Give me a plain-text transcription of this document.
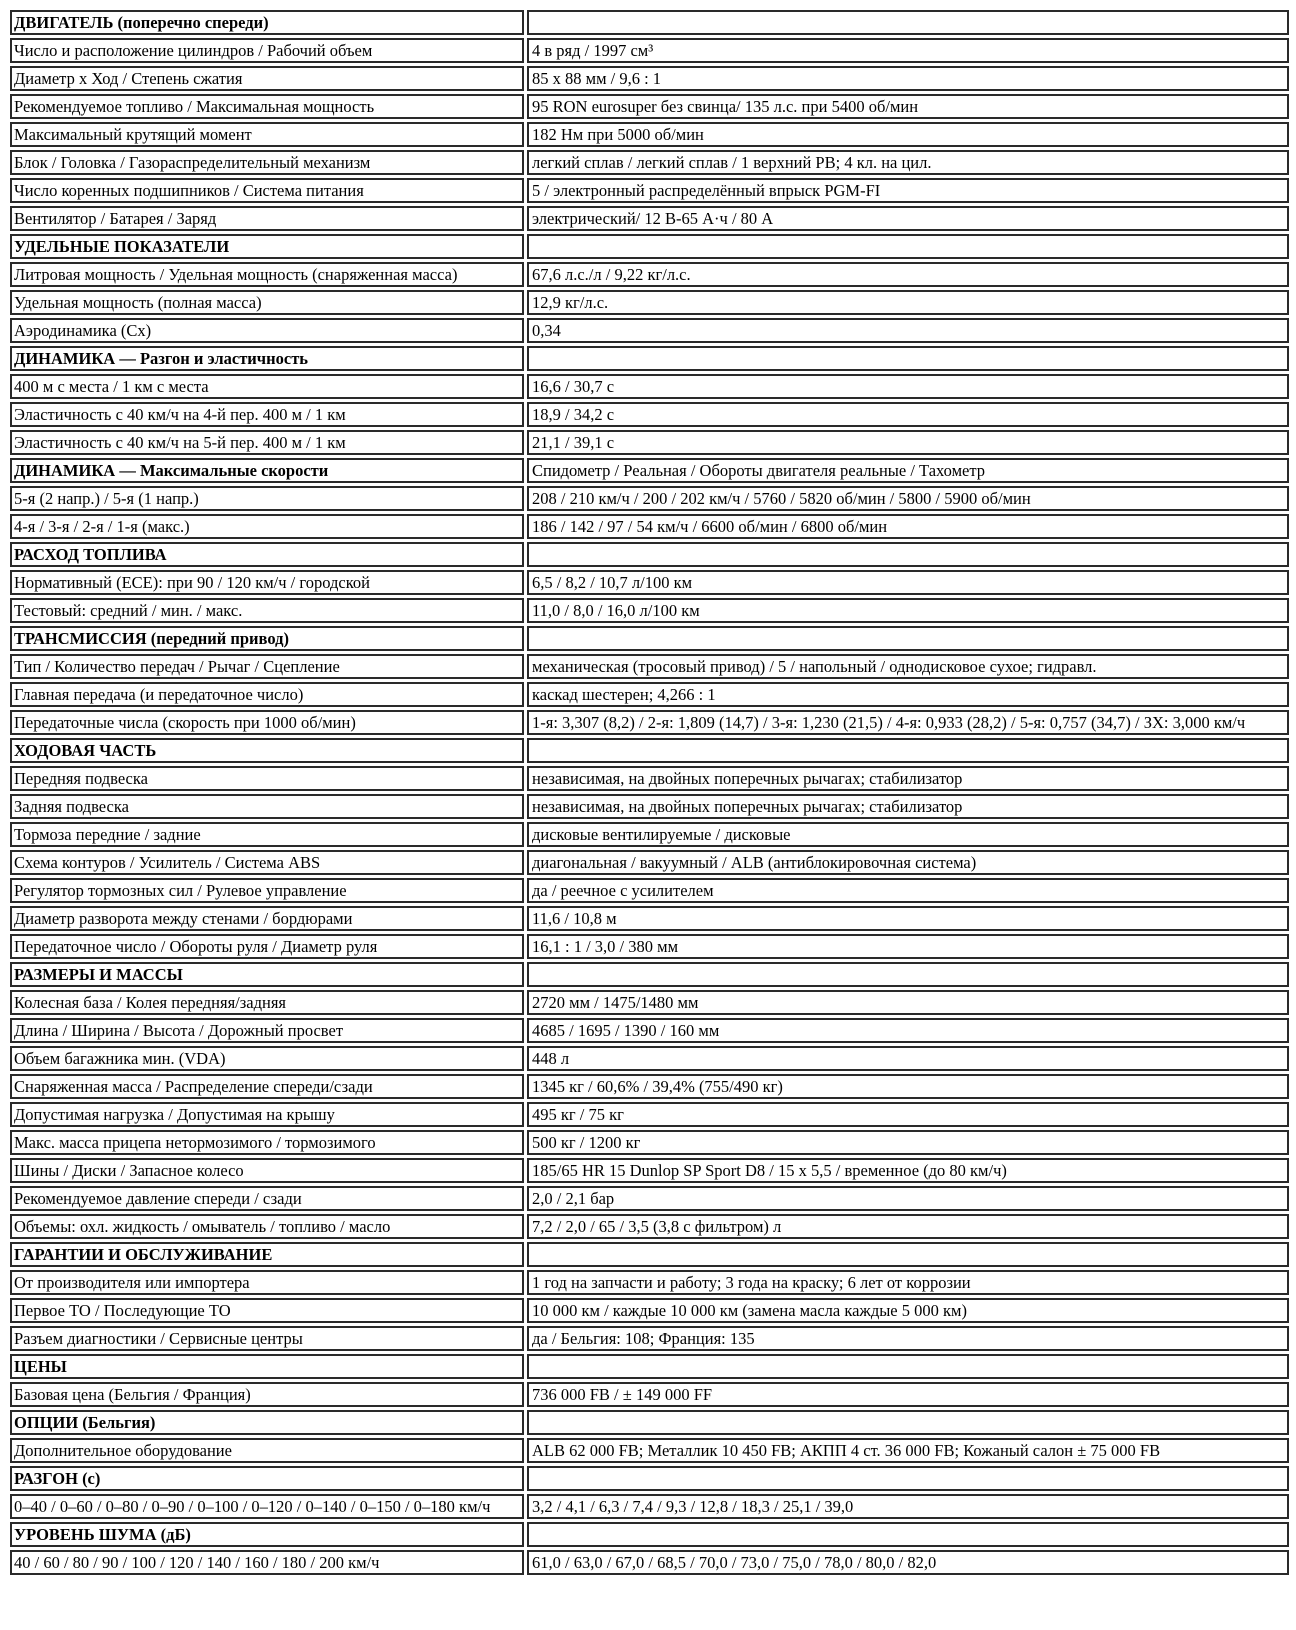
ДВИГАТЕЛЬ (поперечно спереди)	
Число и расположение цилиндров / Рабочий объем	4 в ряд / 1997 см³
Диаметр х Ход / Степень сжатия	85 х 88 мм / 9,6 : 1
Рекомендуемое топливо / Максимальная мощность	95 RON eurosuper без свинца/ 135 л.с. при 5400 об/мин
Максимальный крутящий момент	182 Нм при 5000 об/мин
Блок / Головка / Газораспределительный механизм	легкий сплав / легкий сплав / 1 верхний РВ; 4 кл. на цил.
Число коренных подшипников / Система питания	5 / электронный распределённый впрыск PGM-FI
Вентилятор / Батарея / Заряд	электрический/ 12 В-65 А·ч / 80 А
УДЕЛЬНЫЕ ПОКАЗАТЕЛИ	
Литровая мощность / Удельная мощность (снаряженная масса)	67,6 л.с./л / 9,22 кг/л.с.
Удельная мощность (полная масса)	12,9 кг/л.с.
Аэродинамика (Сх)	0,34
ДИНАМИКА — Разгон и эластичность	
400 м с места / 1 км с места	16,6 / 30,7 с
Эластичность с 40 км/ч на 4-й пер. 400 м / 1 км	18,9 / 34,2 с
Эластичность с 40 км/ч на 5-й пер. 400 м / 1 км	21,1 / 39,1 с
ДИНАМИКА — Максимальные скорости	Спидометр / Реальная / Обороты двигателя реальные / Тахометр
5-я (2 напр.) / 5-я (1 напр.)	208 / 210 км/ч / 200 / 202 км/ч / 5760 / 5820 об/мин / 5800 / 5900 об/мин
4-я / 3-я / 2-я / 1-я (макс.)	186 / 142 / 97 / 54 км/ч / 6600 об/мин / 6800 об/мин
РАСХОД ТОПЛИВА	
Нормативный (ECE): при 90 / 120 км/ч / городской	6,5 / 8,2 / 10,7 л/100 км
Тестовый: средний / мин. / макс.	11,0 / 8,0 / 16,0 л/100 км
ТРАНСМИССИЯ (передний привод)	
Тип / Количество передач / Рычаг / Сцепление	механическая (тросовый привод) / 5 / напольный / однодисковое сухое; гидравл.
Главная передача (и передаточное число)	каскад шестерен; 4,266 : 1
Передаточные числа (скорость при 1000 об/мин)	1-я: 3,307 (8,2) / 2-я: 1,809 (14,7) / 3-я: 1,230 (21,5) / 4-я: 0,933 (28,2) / 5-я: 0,757 (34,7) / ЗХ: 3,000 км/ч
ХОДОВАЯ ЧАСТЬ	
Передняя подвеска	независимая, на двойных поперечных рычагах; стабилизатор
Задняя подвеска	независимая, на двойных поперечных рычагах; стабилизатор
Тормоза передние / задние	дисковые вентилируемые / дисковые
Схема контуров / Усилитель / Система ABS	диагональная / вакуумный / ALB (антиблокировочная система)
Регулятор тормозных сил / Рулевое управление	да / реечное с усилителем
Диаметр разворота между стенами / бордюрами	11,6 / 10,8 м
Передаточное число / Обороты руля / Диаметр руля	16,1 : 1 / 3,0 / 380 мм
РАЗМЕРЫ И МАССЫ	
Колесная база / Колея передняя/задняя	2720 мм / 1475/1480 мм
Длина / Ширина / Высота / Дорожный просвет	4685 / 1695 / 1390 / 160 мм
Объем багажника мин. (VDA)	448 л
Снаряженная масса / Распределение спереди/сзади	1345 кг / 60,6% / 39,4% (755/490 кг)
Допустимая нагрузка / Допустимая на крышу	495 кг / 75 кг
Макс. масса прицепа нетормозимого / тормозимого	500 кг / 1200 кг
Шины / Диски / Запасное колесо	185/65 HR 15 Dunlop SP Sport D8 / 15 х 5,5 / временное (до 80 км/ч)
Рекомендуемое давление спереди / сзади	2,0 / 2,1 бар
Объемы: охл. жидкость / омыватель / топливо / масло	7,2 / 2,0 / 65 / 3,5 (3,8 с фильтром) л
ГАРАНТИИ И ОБСЛУЖИВАНИЕ	
От производителя или импортера	1 год на запчасти и работу; 3 года на краску; 6 лет от коррозии
Первое ТО / Последующие ТО	10 000 км / каждые 10 000 км (замена масла каждые 5 000 км)
Разъем диагностики / Сервисные центры	да / Бельгия: 108; Франция: 135
ЦЕНЫ	
Базовая цена (Бельгия / Франция)	736 000 FB / ± 149 000 FF
ОПЦИИ (Бельгия)	
Дополнительное оборудование	ALB 62 000 FB; Металлик 10 450 FB; АКПП 4 ст. 36 000 FB; Кожаный салон ± 75 000 FB
РАЗГОН (с)	
0–40 / 0–60 / 0–80 / 0–90 / 0–100 / 0–120 / 0–140 / 0–150 / 0–180 км/ч	3,2 / 4,1 / 6,3 / 7,4 / 9,3 / 12,8 / 18,3 / 25,1 / 39,0
УРОВЕНЬ ШУМА (дБ)	
40 / 60 / 80 / 90 / 100 / 120 / 140 / 160 / 180 / 200 км/ч	61,0 / 63,0 / 67,0 / 68,5 / 70,0 / 73,0 / 75,0 / 78,0 / 80,0 / 82,0
